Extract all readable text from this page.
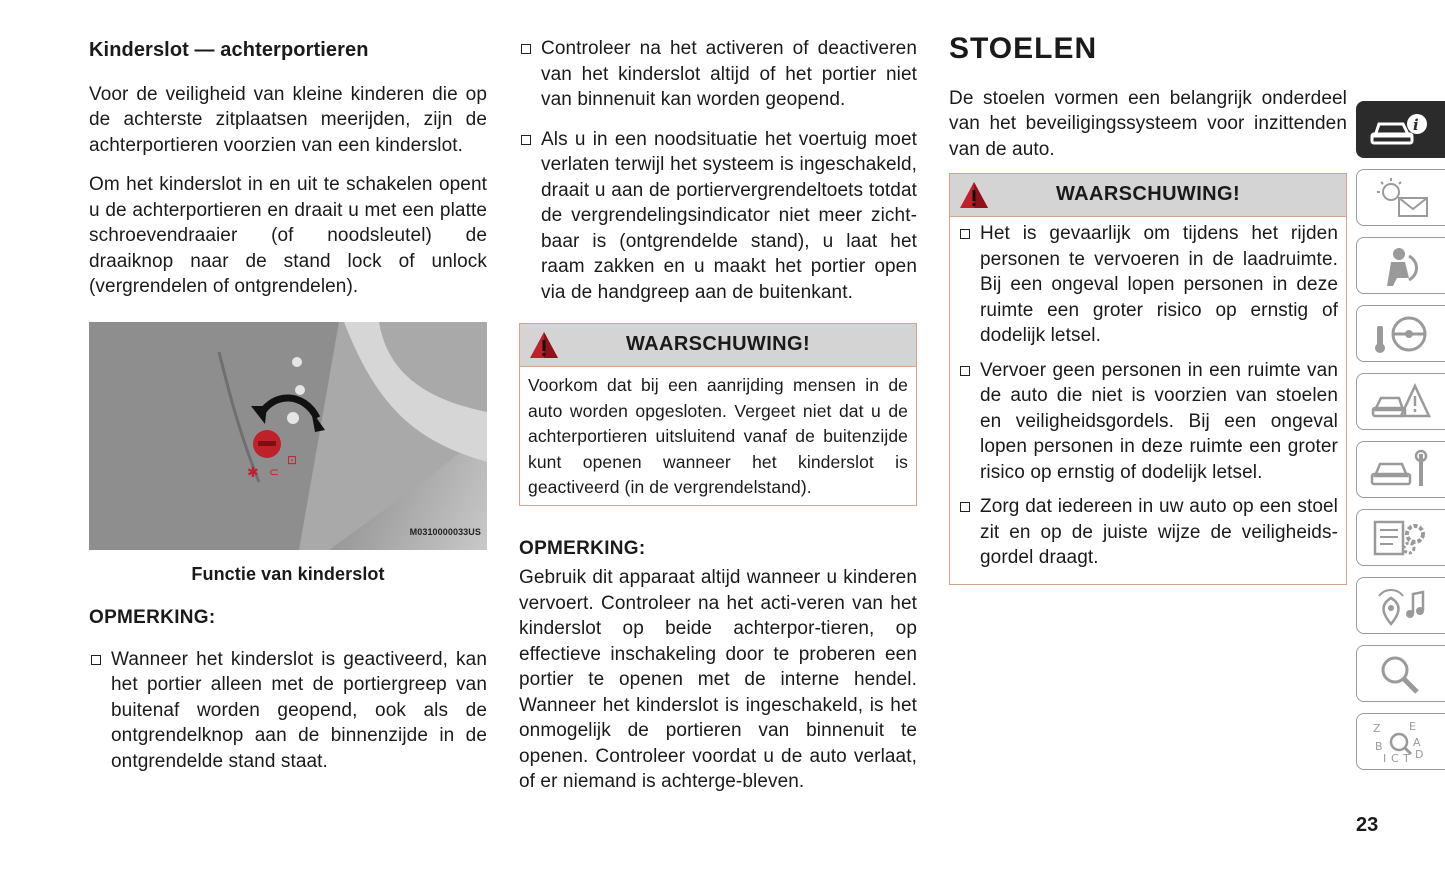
Kinderslot — achterportieren

Voor de veiligheid van kleine kinderen die op de achterste zitplaatsen meerijden, zijn de achterportieren voorzien van een kinderslot.

Om het kinderslot in en uit te schakelen opent u de achterportieren en draait u met een platte schroevendraaier (of noodsleutel) de draaiknop naar de stand lock of unlock (vergrendelen of ontgrendelen).

✱ ⊂
⊡
M0310000033US
Functie van kinderslot
OPMERKING:
Wanneer het kinderslot is geactiveerd, kan het portier alleen met de portiergreep van buitenaf worden geopend, ook als de ontgrendelknop aan de binnenzijde in de ontgrendelde stand staat.
Controleer na het activeren of deactiveren van het kinderslot altijd of het portier niet van binnenuit kan worden geopend.
Als u in een noodsituatie het voertuig moet verlaten terwijl het systeem is ingeschakeld, draait u aan de portiervergrendeltoets totdat de vergrendelingsindicator niet meer zicht-baar is (ontgrendelde stand), u laat het raam zakken en u maakt het portier open via de handgreep aan de buitenkant.
WAARSCHUWING!
Voorkom dat bij een aanrijding mensen in de auto worden opgesloten. Vergeet niet dat u de achterportieren uitsluitend vanaf de buitenzijde kunt openen wanneer het kinderslot is geactiveerd (in de vergrendelstand).
OPMERKING:

Gebruik dit apparaat altijd wanneer u kinderen vervoert. Controleer na het acti-veren van het kinderslot op beide achterpor-tieren, op effectieve inschakeling door te proberen een portier te openen met de interne hendel. Wanneer het kinderslot is ingeschakeld, is het onmogelijk de portieren van binnenuit te openen. Controleer voordat u de auto verlaat, of er niemand is achterge-bleven.

STOELEN

De stoelen vormen een belangrijk onderdeel van het beveiligingssysteem voor inzittenden van de auto.

WAARSCHUWING!
Het is gevaarlijk om tijdens het rijden personen te vervoeren in de laadruimte. Bij een ongeval lopen personen in deze ruimte een groter risico op ernstig of dodelijk letsel.
Vervoer geen personen in een ruimte van de auto die niet is voorzien van stoelen en veiligheidsgordels. Bij een ongeval lopen personen in deze ruimte een groter risico op ernstig of dodelijk letsel.
Zorg dat iedereen in uw auto op een stoel zit en op de juiste wijze de veiligheids-gordel draagt.
i
Z	E
B	A
I C T D
23
